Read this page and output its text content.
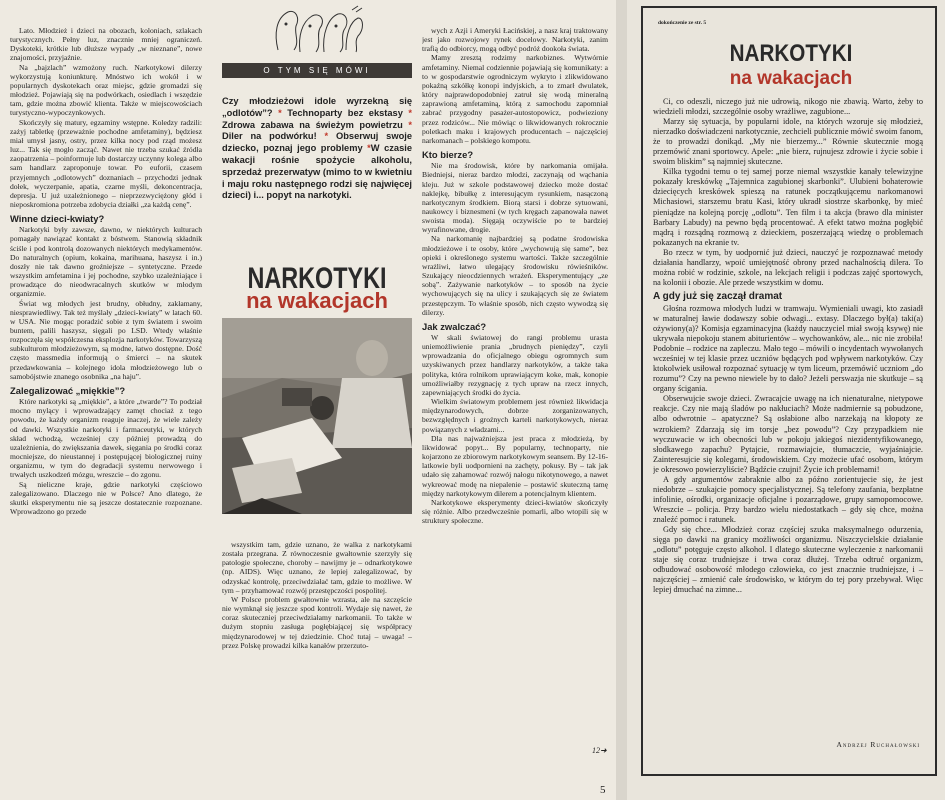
O TYM SIĘ MÓWI
Czy młodzieżowi idole wyrzekną się „odlotów”? * Technoparty bez ekstasy * Zdrowa zabawa na świeżym powietrzu * Diler na podwórku! * Obserwuj swoje dziecko, poznaj jego problemy *W czasie wakacji rośnie spożycie alkoholu, sprzedaż prezerwatyw (mimo to w kwietniu i maju roku następnego rodzi się najwięcej dzieci) i... popyt na narkotyki.
NARKOTYKI
na wakacjach

Lato. Młodzież i dzieci na obozach, koloniach, szlakach turystycznych. Pełny luz, znacznie mniej ograniczeń. Dyskoteki, krótkie lub dłuższe wypady „w nieznane”, nowe znajomości, przyjaźnie.

Na „bajzlach” wzmożony ruch. Narkotykowi dilerzy wykorzystują koniunkturę. Mnóstwo ich wokół i w popularnych dyskotekach oraz miejsc, gdzie gromadzi się młodzież. Pojawiają się na podwórkach, osiedlach i wszędzie tam, gdzie można zbowić klienta. Także w miejscowościach turystyczno-wypoczynkowych.

Skończyły się matury, egzaminy wstępne. Koledzy radzili: zażyj tabletkę (przeważnie pochodne amfetaminy), będziesz miał umysł jasny, ostry, przez kilka nocy pod rząd możesz luz... Tak się mogło zacząć. Nawet nie trzeba szukać źródła zaopatrzenia – poinformuje lub dostarczy uczynny kolega albo sam handlarz zaproponuje towar. Po euforii, czasem przyjemnych „odlotowych” doznaniach – przychodzi jednak dołek, wyczerpanie, apatia, czarne myśli, dekoncentracja, depresja. U już uzależnionego – nieprzezwyciężony głód i nieposkromiona potrzeba zdobycia działki „za każdą cenę”.

Winne dzieci-kwiaty?

Narkotyki były zawsze, dawno, w niektórych kulturach pomagały nawiązać kontakt z bóstwem. Stanowią składnik ściśle i pod kontrolą dozowanych niektórych medykamentów. Do naturalnych (opium, kokaina, marihuana, haszysz i in.) doszły nie tak dawno groźniejsze – syntetyczne. Przede wszystkim amfetamina i jej pochodne, szybko uzależniające i prowadzące do nieodwracalnych skutków w młodym organizmie.

Świat wg młodych jest brudny, obłudny, zakłamany, niesprawiedliwy. Tak też myślały „dzieci-kwiaty” w latach 60. w USA. Nie mogąc poradzić sobie z tym światem i swoim buntem, palili haszysz, sięgali po LSD. Wtedy właśnie rozpoczęła się współczesna eksplozja narkotyków. Towarzyszą subkulturom młodzieżowym, są modne, łatwo dostępne. Dość często massmedia informują o śmierci – na skutek przedawkowania – kolejnego idola młodzieżowego lub o samobójstwie znanego osobnika „na haju”.

Zalegalizować „miękkie”?

Które narkotyki są „miękkie”, a które „twarde”? To podział mocno mylący i wprowadzający zamęt chociaż z tego powodu, że każdy organizm reaguje inaczej, że wiele zależy od dawki. Wszystkie narkotyki i farmaceutyki, w których skład wchodzą, wcześniej czy później prowadzą do uzależnienia, do zwiększania dawek, sięgania po środki coraz mocniejsze, do nieustannej i postępującej biologicznej ruiny organizmu, w tym do degradacji systemu nerwowego i trwałych uszkodzeń mózgu, wreszcie – do zgonu.

Są nieliczne kraje, gdzie narkotyki częściowo zalegalizowano. Dlaczego nie w Polsce? Ano dlatego, że skutki eksperymentu nie są jeszcze dostatecznie rozpoznane. Wprowadzono go przede

wszystkim tam, gdzie uznano, że walka z narkotykami została przegrana. Z równoczesnie gwałtownie szerzyły się patologie społeczne, choroby – nawijmy je – odnarkotykowe (np. AIDS). Więc uznano, że lepiej zalegalizować, by odzyskać kontrolę, przeciwdziałać tam, gdzie to możliwe. W tym – przyhamować rozwój przestępczości pospolitej.

W Polsce problem gwałtownie wzrasta, ale na szczęście nie wymknął się jeszcze spod kontroli. Wydaje się nawet, że coraz skuteczniej przeciwdziałamy narkomanii. To także w dużym stopniu zasługa pogłębiającej się współpracy międzynarodowej w tej dziedzinie. Choć tutaj – uwaga! – przez Polskę prowadzi kilka kanałów przerzuto-

wych z Azji i Ameryki Łacińskiej, a nasz kraj traktowany jest jako rozwojowy rynek docelowy. Narkotyki, zanim trafią do odbiorcy, mogą odbyć podróż dookoła świata.

Mamy zresztą rodzimy narkobiznes. Wytwórnie amfetaminy. Niemal codziennie pojawiają się komunikaty: a to w gospodarstwie ogrodniczym wykryto i zlikwidowano pokaźną szkółkę konopi indyjskich, a to zmarł dwulatek, który najprawdopodobniej zatruł się wodą mineralną zaprawioną amfetaminą, którą z samochodu zapomniał zabrać przygodny pasażer-autostopowicz, podwieziony przez rodziców... Nie mówiąc o likwidowanych rokrocznie poletkach maku i krajowych producentach – najczęściej narkomanach – polskiego kompotu.

Kto bierze?

Nie ma środowisk, które by narkomania omijała. Biedniejsi, nieraz bardzo młodzi, zaczynają od wąchania kleju. Już w szkole podstawowej dziecko może dostać naklejkę, bibułkę z interesującym rysunkiem, nasączoną narkotycznym środkiem. Biorą starsi i dobrze sytuowani, naukowcy i biznesmeni (w tych kręgach zapanowała nawet swoista moda). Sięgają oczywiście po te bardziej wyrafinowane, drogie.

Na narkomanię najbardziej są podatne środowiska młodzieżowe i te osoby, które „wychowują się same”, bez opieki i określonego systemu wartości. Także szczególnie wrażliwi, łatwo ulegający środowisku rówieśników. Szukający nieocdziennych wrażeń. Eksperymentujący „ze sobą”. Zażywanie narkotyków – to sposób na życie wychowujących się na ulicy i szukających się ze światem przestępczym. To właśnie sposób, nich często wywodzą się dilerzy.

Jak zwalczać?

W skali światowej do rangi problemu urasta uniemożliwienie prania „brudnych pieniędzy”, czyli wprowadzania do oficjalnego obiegu ogromnych sum uzyskiwanych przez handlarzy narkotyków, a także taka polityka, która rolnikom uprawiającym koke, mak, konopie umożliwiałby rezygnację z tych upraw na rzecz innych, zapewniających środki do życia.

Wielkim światowym problemem jest również likwidacja międzynarodowych, dobrze zorganizowanych, bezwzględnych i groźnych karteli narkotykowych, nieraz powiązanych z władzami...

Dla nas najważniejsza jest praca z młodzieżą, by likwidować popyt... By popularny, technoparty, nie kojarzono ze zbiorowym narkotykowym seansem. By 12-16-latkowie byli uodpornieni na zachęty, pokusy. By – tak jak udało się zahamować rozwój nałogu nikotynowego, a nawet wykreować modę na niepalenie – postawić skuteczną tamę między narkotykowym dilerem a potencjalnym klientem.

Narkotykowe eksperymenty dzieci-kwiatów skończyły się różnie. Albo przedwcześnie pomarli, albo wtopili się w struktury społeczne.

12➜
5
dokończenie ze str. 5
NARKOTYKI
na wakacjach

Ci, co odeszli, niczego już nie udrowią, nikogo nie zbawią. Warto, żeby to wiedzieli młodzi, szczególnie osoby wrażliwe, zagubione...

Marzy się sytuacja, by popularni idole, na których wzoruje się młodzież, nierzadko doświadczeni narkotycznie, zechcieli publicznie mówić swoim fanom, że to prowadzi donikąd. „My nie bierzemy...” Równie skutecznie mogą przemówić znani sportowcy. Apele: „nie bierz, rujnujesz zdrowie i życie sobie i swoim bliskim” są najmniej skuteczne.

Kilka tygodni temu o tej samej porze niemal wszystkie kanały telewizyjne pokazały kreskówkę „Tajemnica zagubionej skarbonki”. Ulubieni bohaterowie dziecięcych kreskówek spieszą na ratunek początkującemu narkomanowi Michasiowi, starszemu bratu Kasi, który ukradł siostrze skarbonkę, by mieć pieniądze na kolejną porcję „odlotu”. Ten film i ta akcja (brawo dla minister Barbary Labudy) na pewno będą procentować. A efekt tatwo można pogłębić mądrą i rozsądną rozmową z dzieckiem, poszerzającą wiedzę o problemach pokazanych na ekranie tv.

Bo rzecz w tym, by uodpornić już dzieci, nauczyć je rozpoznawać metody działania handlarzy, wpoić umiejętność obrony przed nachalnością dilera. To można robić w rodzinie, szkole, na lekcjach religii i podczas zajęć sportowych, na kolonii i obozie. Ale przede wszystkim w domu.

A gdy już się zaczął dramat

Głośna rozmowa młodych ludzi w tramwaju. Wymieniali uwagi, kto zasiadł w maturalnej ławie dodawszy sobie odwagi... extasy. Dlaczego był(a) taki(a) ożywiony(a)? Komisja egzaminacyjna (każdy nauczyciel miał swoją ksywę) nie ukrywała niepokoju stanem abiturientów – wychowanków, ale... nic nie zrobiła! Podobnie – rodzice na zapleczu. Mało tego – mówili o incydentach wywołanych wcześniej w tej klasie przez uczniów będących pod wpływem narkotyków. Czy ktokolwiek usiłował rozpoznać sytuację w tym liceum, przemówić uczniom „do rozumu”? Czy na pewno niewiele by to dało? Jeżeli perswazja nie skutkuje – są organy ścigania.

Obserwujcie swoje dzieci. Zwracajcie uwagę na ich nienaturalne, nietypowe reakcje. Czy nie mają śladów po nakłuciach? Może nadmiernie są pobudzone, albo odwrotnie – apatyczne? Są osłabione albo narzekają na kłopoty ze wzrokiem? Zdarzają się im torsje „bez powodu”? Czy przypadkiem nie wyczuwacie w ich obecności lub w pokoju jakiegoś niezidentyfikowanego, słodkawego zapachu? Pytajcie, rozmawiajcie, tłumaczcie, wyjaśniajcie. Zainteresujcie się kolegami, środowiskiem. Czy możecie ufać osobom, którym je okresowo powierzyliście? Bądźcie czujni! Życie ich problemami!

A gdy argumentów zabraknie albo za późno zorientujecie się, że jest niedobrze – szukajcie pomocy specjalistycznej. Są telefony zaufania, bezpłatne infolinie, ośrodki, organizacje oficjalne i pozarządowe, grupy samopomocowe. Wreszcie – policja. Przy bardzo wielu niedostatkach – gdy się chce, można znaleźć pomoc i ratunek.

Gdy się chce... Młodzież coraz częściej szuka maksymalnego odurzenia, sięga po dawki na granicy możliwości organizmu. Niszczycielskie działanie „odlotu” potęguje często alkohol. I dlatego skuteczne wyleczenie z narkomanii staje się coraz trudniejsze i trwa coraz dłużej. Trzeba odtruć organizm, odbudować osobowość młodego człowieka, co jest znacznie trudniejsze, i – najczęściej – zmienić całe środowisko, w którym do tej pory przebywał. Więc lepiej dmuchać na zimne...

Andrzej Ruchałowski
